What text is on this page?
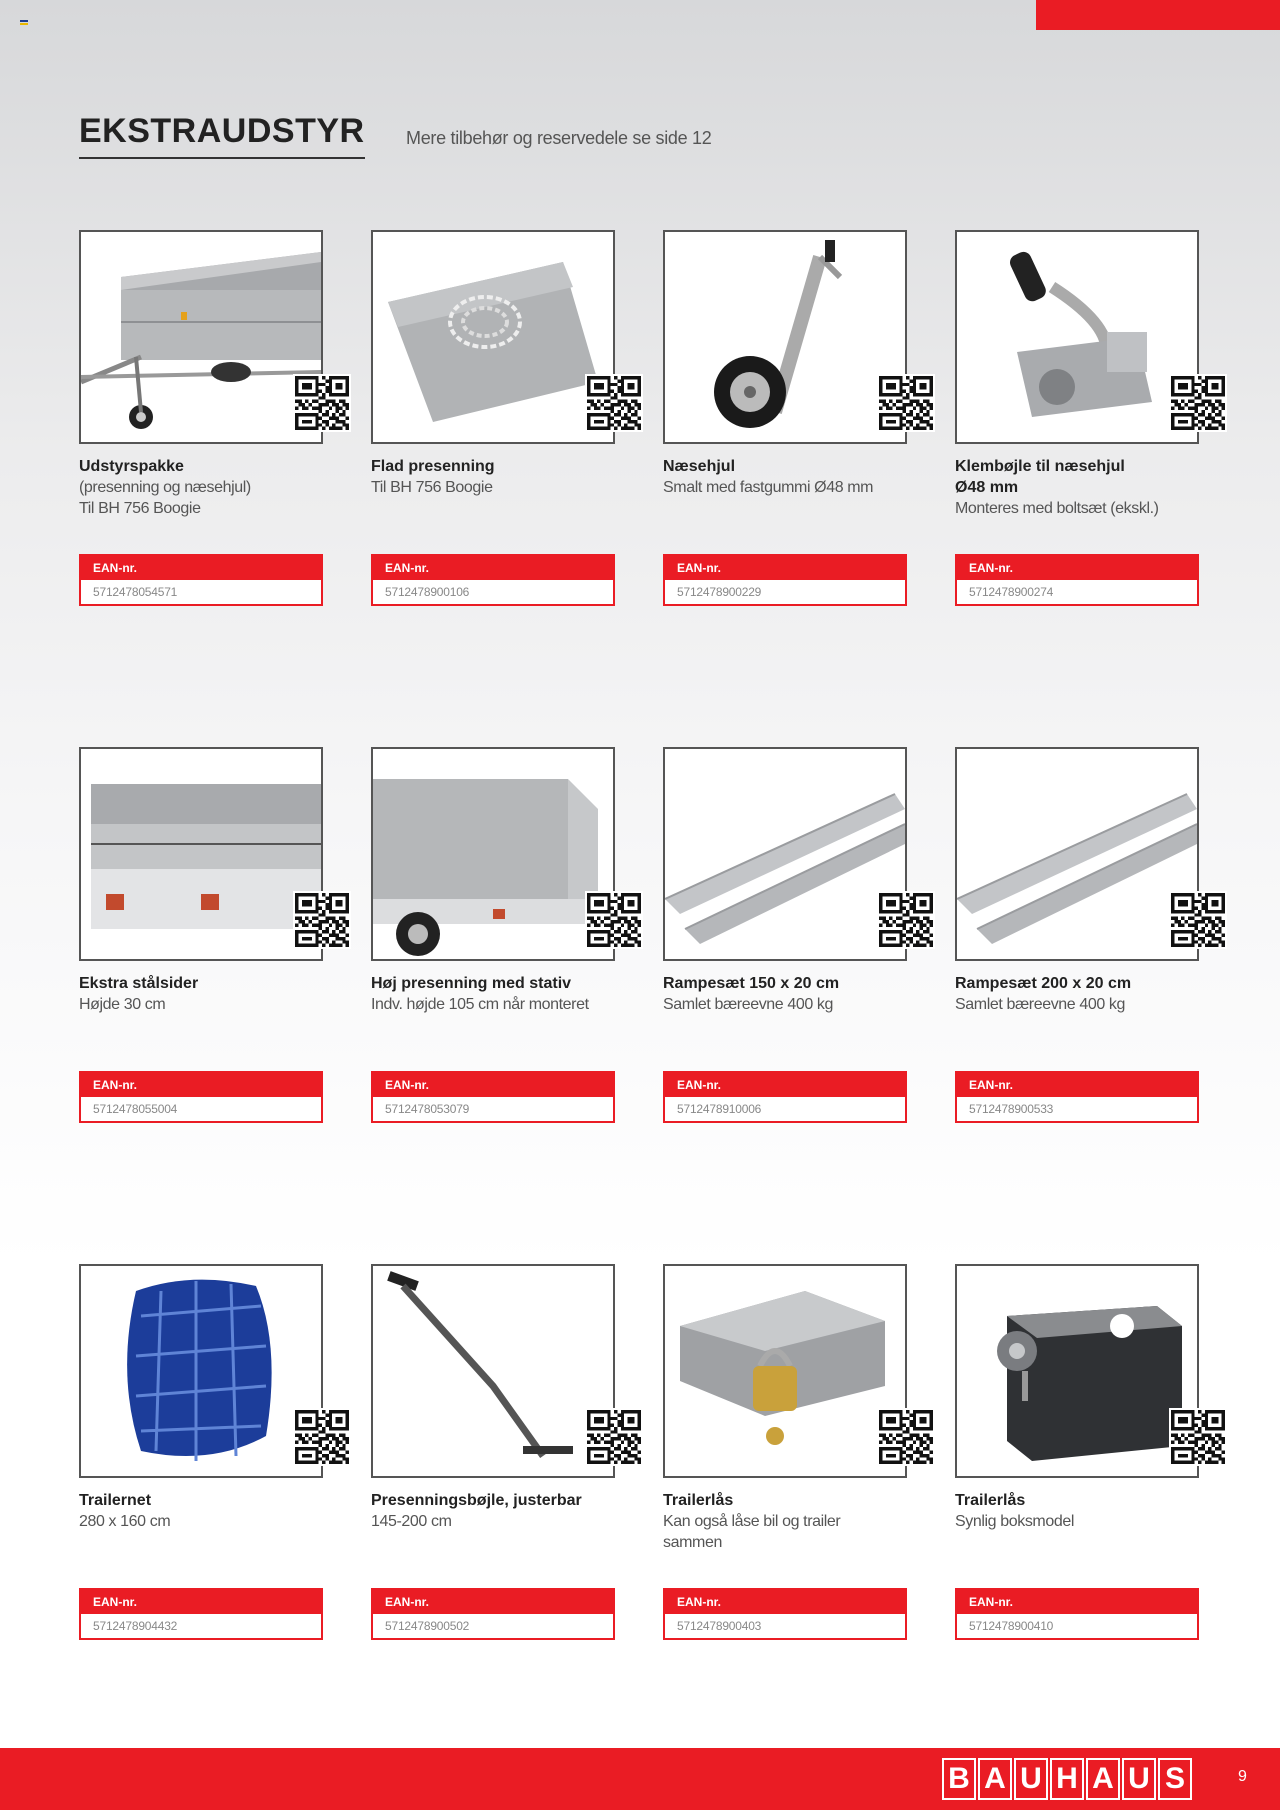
EKSTRAUDSTYR Mere tilbehør og reservedele se side 12
Udstyrspakke
(presenning og næsehjul)
Til BH 756 Boogie
EAN-nr.
5712478054571
Flad presenning
Til BH 756 Boogie
EAN-nr.
5712478900106
Næsehjul
Smalt med fastgummi Ø48 mm
EAN-nr.
5712478900229
Klembøjle til næsehjul
Ø48 mm
Monteres med boltsæt (ekskl.)
EAN-nr.
5712478900274
Ekstra stålsider
Højde 30 cm
EAN-nr.
5712478055004
Høj presenning med stativ
Indv. højde 105 cm når monteret
EAN-nr.
5712478053079
Rampesæt 150 x 20 cm
Samlet bæreevne 400 kg
EAN-nr.
5712478910006
Rampesæt 200 x 20 cm
Samlet bæreevne 400 kg
EAN-nr.
5712478900533
Trailernet
280 x 160 cm
EAN-nr.
5712478904432
Presenningsbøjle, justerbar
145-200 cm
EAN-nr.
5712478900502
Trailerlås
Kan også låse bil og trailer
sammen
EAN-nr.
5712478900403
Trailerlås
Synlig boksmodel
EAN-nr.
5712478900410
B A U H A U S	9
